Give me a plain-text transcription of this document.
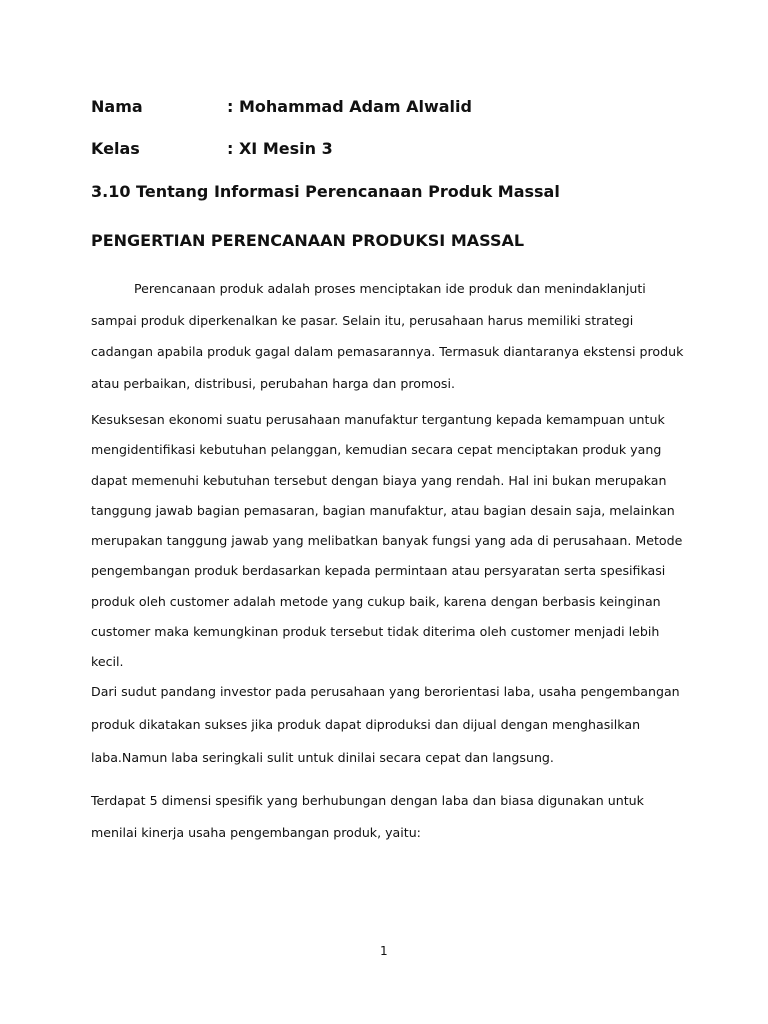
Nama	: Mohammad Adam Alwalid
Kelas	: XI Mesin 3
3.10 Tentang Informasi Perencanaan Produk Massal
PENGERTIAN PERENCANAAN PRODUKSI MASSAL
Perencanaan produk adalah proses menciptakan ide produk dan menindaklanjuti
sampai produk diperkenalkan ke pasar. Selain itu, perusahaan harus memiliki strategi
cadangan apabila produk gagal dalam pemasarannya. Termasuk diantaranya ekstensi produk
atau perbaikan, distribusi, perubahan harga dan promosi.
Kesuksesan ekonomi suatu perusahaan manufaktur tergantung kepada kemampuan untuk
mengidentifikasi kebutuhan pelanggan, kemudian secara cepat menciptakan produk yang
dapat memenuhi kebutuhan tersebut dengan biaya yang rendah. Hal ini bukan merupakan
tanggung jawab bagian pemasaran, bagian manufaktur, atau bagian desain saja, melainkan
merupakan tanggung jawab yang melibatkan banyak fungsi yang ada di perusahaan. Metode
pengembangan produk berdasarkan kepada permintaan atau persyaratan serta spesifikasi
produk oleh customer adalah metode yang cukup baik, karena dengan berbasis keinginan
customer maka kemungkinan produk tersebut tidak diterima oleh customer menjadi lebih
kecil.
Dari sudut pandang investor pada perusahaan yang berorientasi laba, usaha pengembangan
produk dikatakan sukses jika produk dapat diproduksi dan dijual dengan menghasilkan
laba.Namun laba seringkali sulit untuk dinilai secara cepat dan langsung.
Terdapat 5 dimensi spesifik yang berhubungan dengan laba dan biasa digunakan untuk
menilai kinerja usaha pengembangan produk, yaitu:
1
